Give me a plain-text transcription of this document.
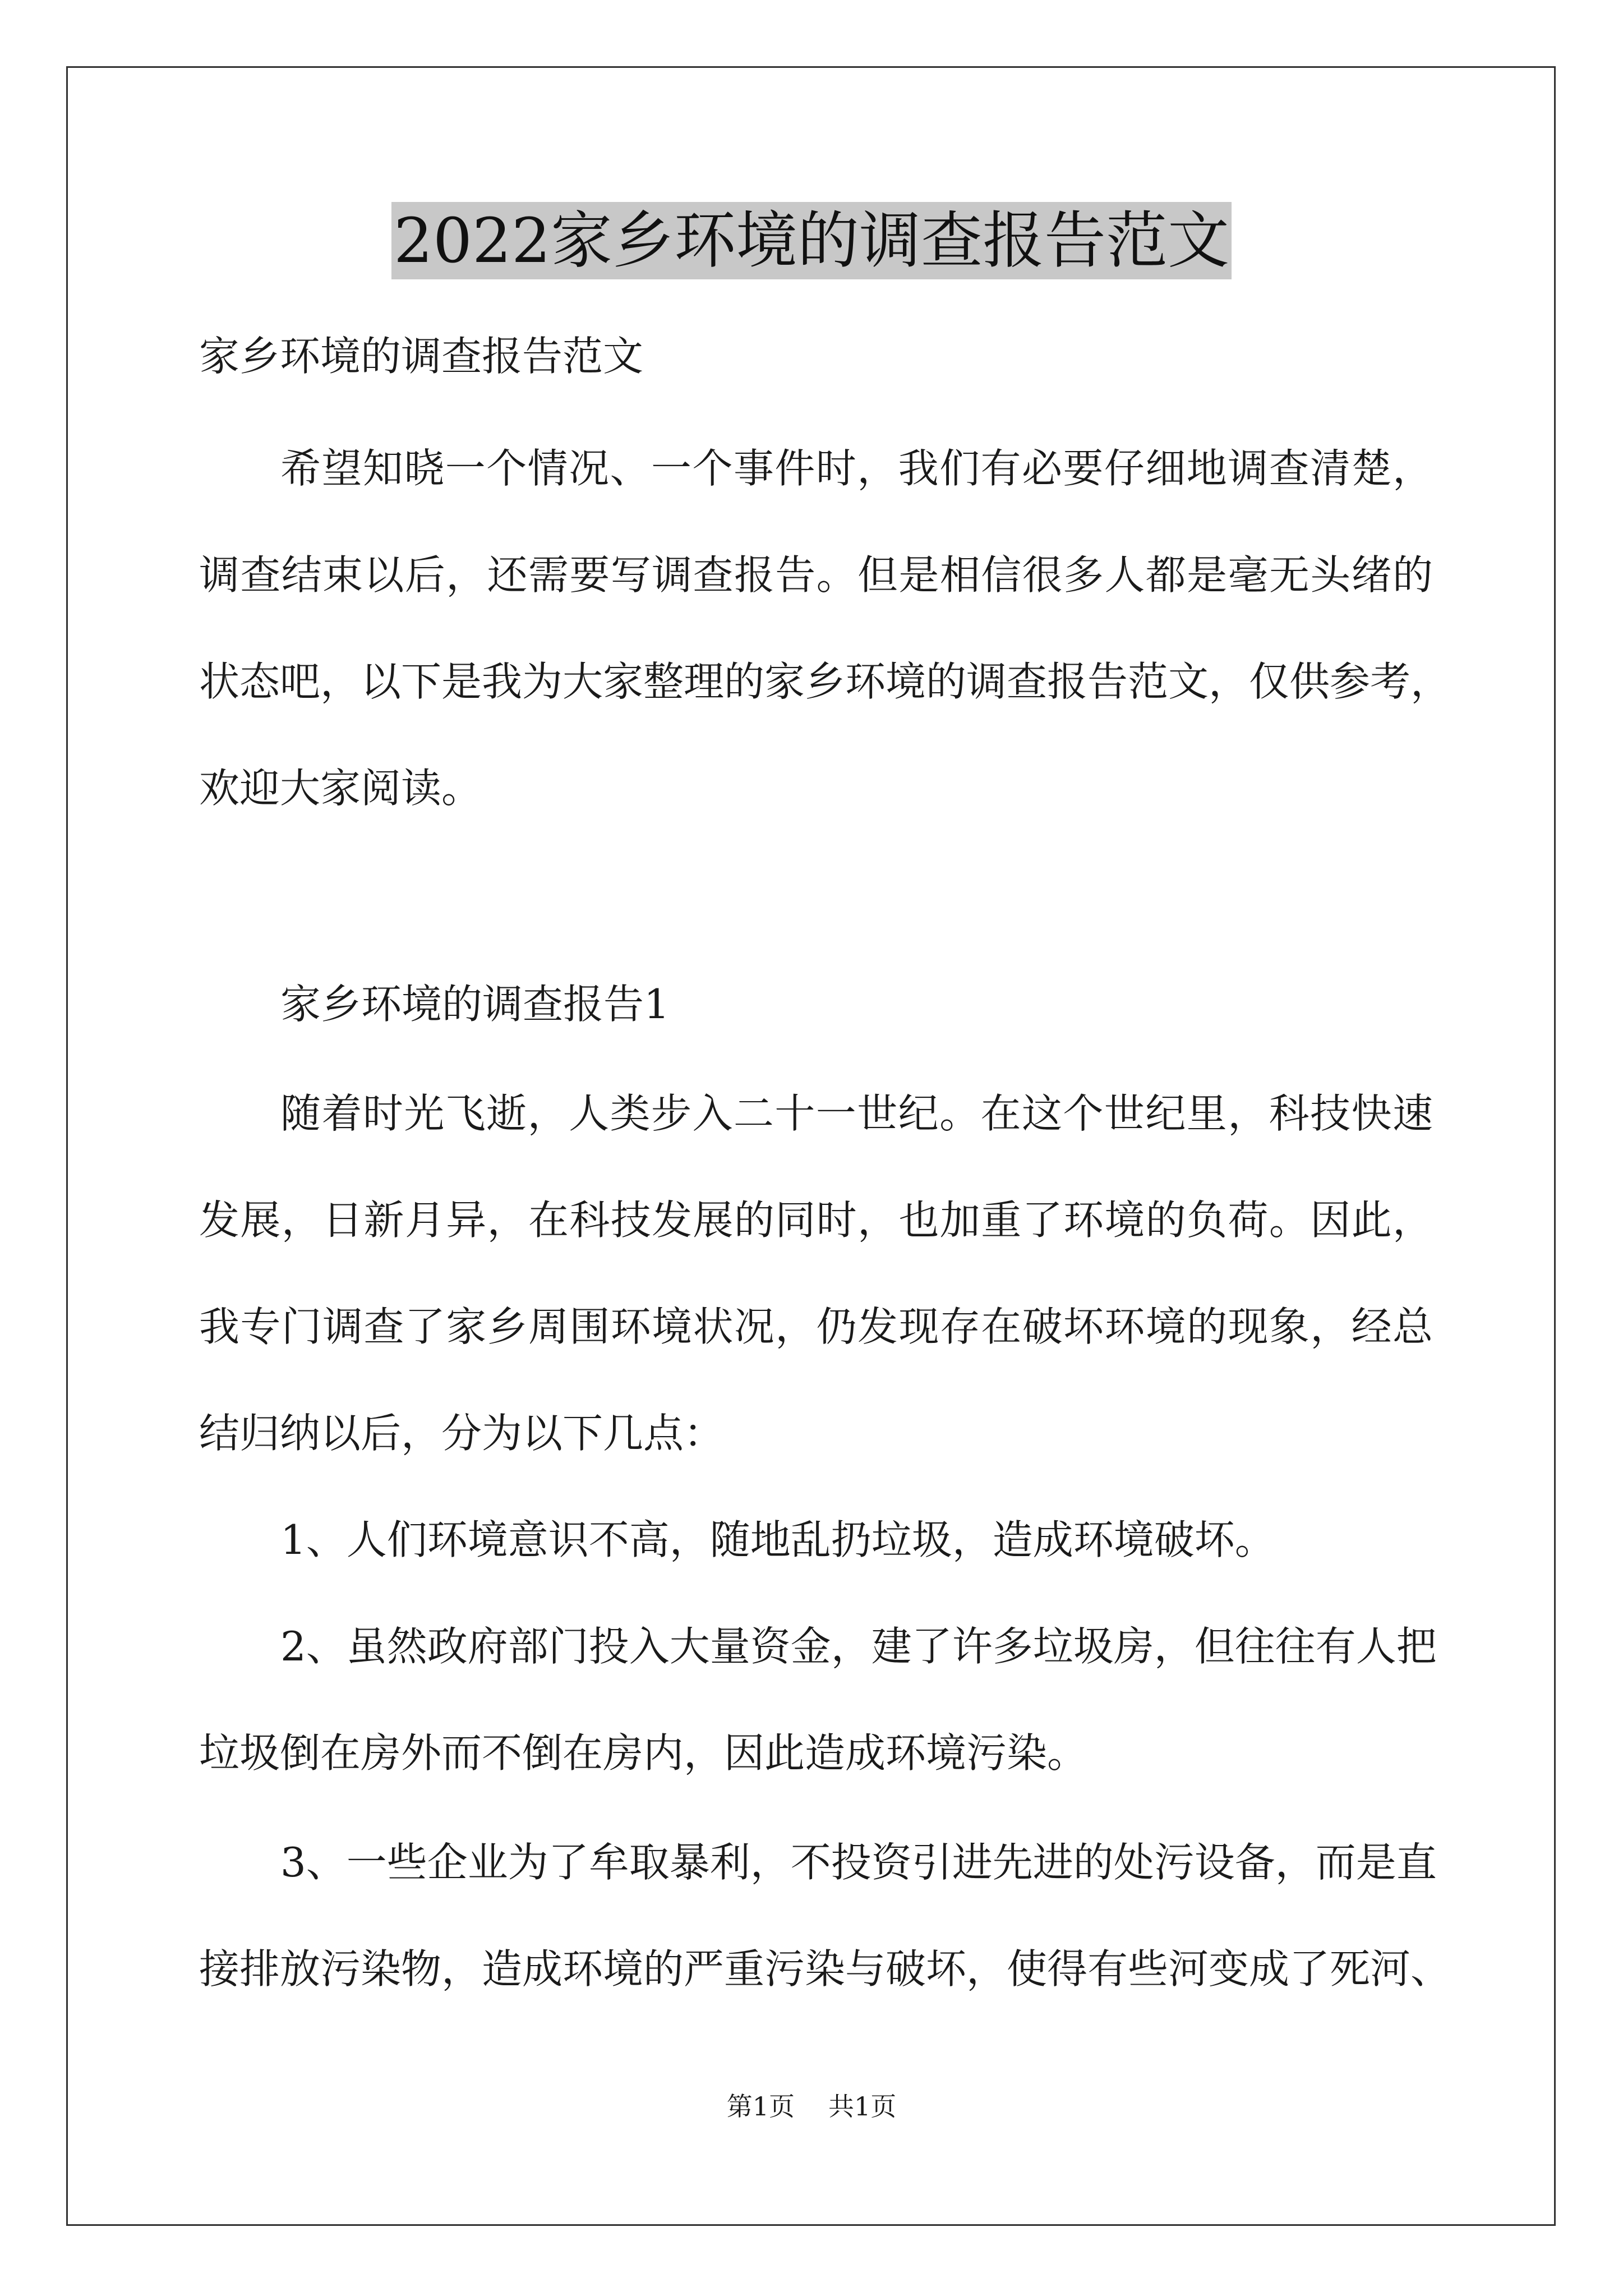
2022家乡环境的调查报告范文
家乡环境的调查报告范文
希望知晓一个情况、一个事件时，我们有必要仔细地调查清楚，
调查结束以后，还需要写调查报告。但是相信很多人都是毫无头绪的
状态吧，以下是我为大家整理的家乡环境的调查报告范文，仅供参考，
欢迎大家阅读。
家乡环境的调查报告1
随着时光飞逝，人类步入二十一世纪。在这个世纪里，科技快速
发展，日新月异，在科技发展的同时，也加重了环境的负荷。因此，
我专门调查了家乡周围环境状况，仍发现存在破坏环境的现象，经总
结归纳以后，分为以下几点：
1、人们环境意识不高，随地乱扔垃圾，造成环境破坏。
2、虽然政府部门投入大量资金，建了许多垃圾房，但往往有人把
垃圾倒在房外而不倒在房内，因此造成环境污染。
3、一些企业为了牟取暴利，不投资引进先进的处污设备，而是直
接排放污染物，造成环境的严重污染与破坏，使得有些河变成了死河、
第1页 共1页
